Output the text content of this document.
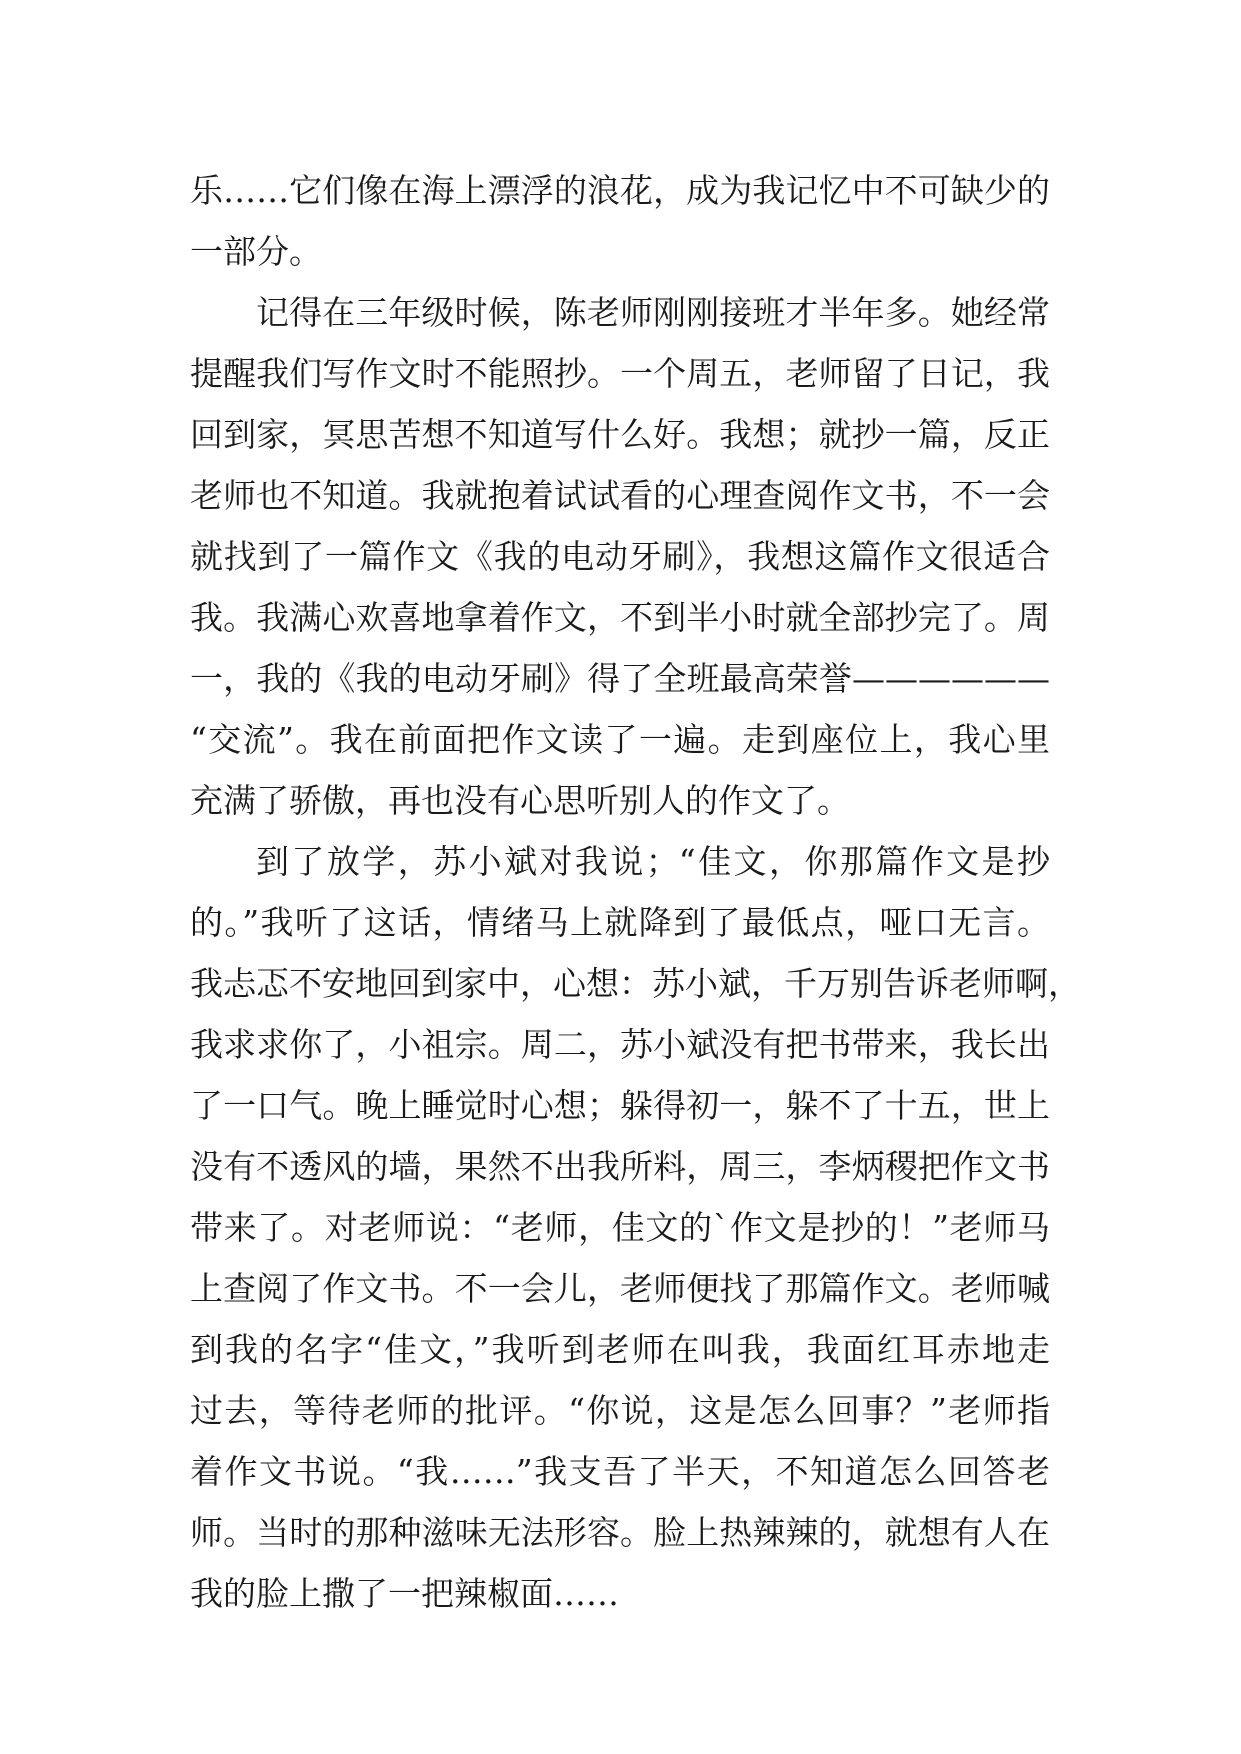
乐……它们像在海上漂浮的浪花，成为我记忆中不可缺少的
一部分。
记得在三年级时候，陈老师刚刚接班才半年多。她经常
提醒我们写作文时不能照抄。一个周五，老师留了日记，我
回到家，冥思苦想不知道写什么好。我想；就抄一篇，反正
老师也不知道。我就抱着试试看的心理查阅作文书，不一会
就找到了一篇作文《我的电动牙刷》，我想这篇作文很适合
我。我满心欢喜地拿着作文，不到半小时就全部抄完了。周
一，我的《我的电动牙刷》得了全班最高荣誉——————
“交流”。我在前面把作文读了一遍。走到座位上，我心里
充满了骄傲，再也没有心思听别人的作文了。
到了放学，苏小斌对我说；“佳文，你那篇作文是抄
的。”我听了这话，情绪马上就降到了最低点，哑口无言。
我忐忑不安地回到家中，心想：苏小斌，千万别告诉老师啊，
我求求你了，小祖宗。周二，苏小斌没有把书带来，我长出
了一口气。晚上睡觉时心想；躲得初一，躲不了十五，世上
没有不透风的墙，果然不出我所料，周三，李炳稷把作文书
带来了。对老师说：“老师，佳文的`作文是抄的！”老师马
上查阅了作文书。不一会儿，老师便找了那篇作文。老师喊
到我的名字“佳文，”我听到老师在叫我，我面红耳赤地走
过去，等待老师的批评。“你说，这是怎么回事？”老师指
着作文书说。“我……”我支吾了半天，不知道怎么回答老
师。当时的那种滋味无法形容。脸上热辣辣的，就想有人在
我的脸上撒了一把辣椒面……
